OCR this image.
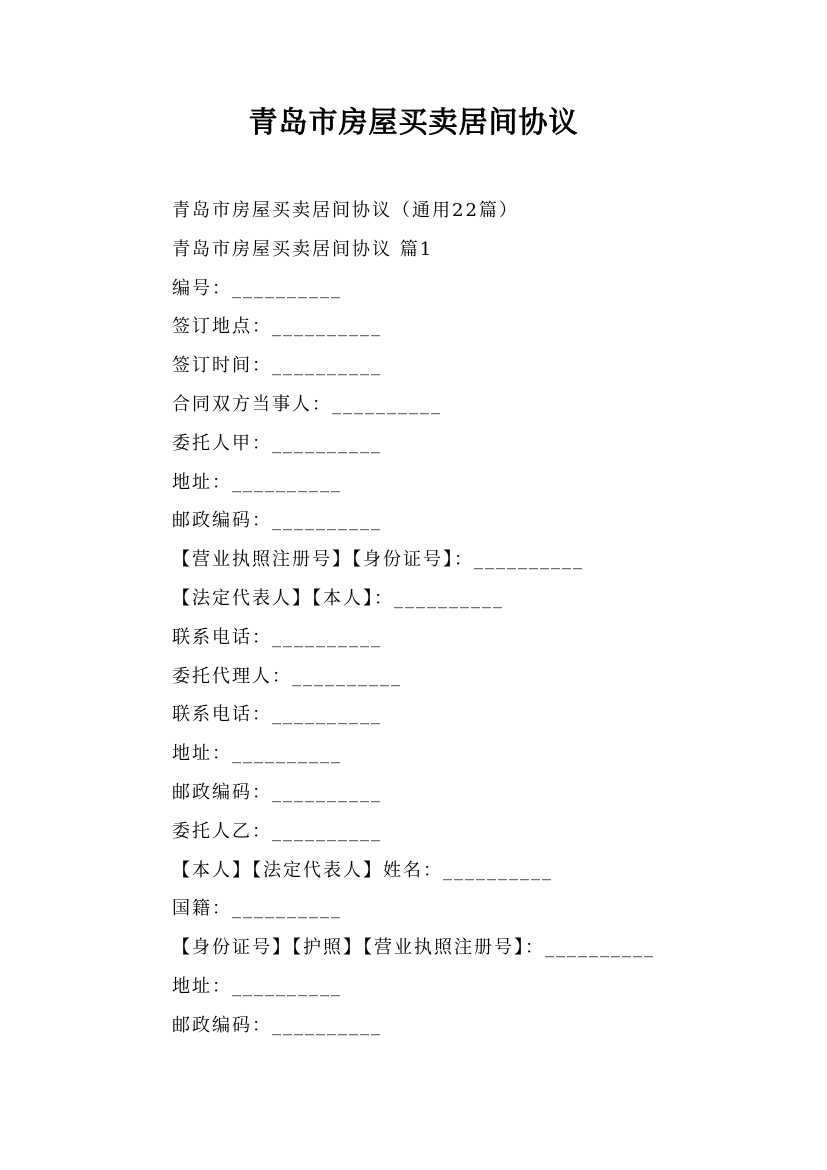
青岛市房屋买卖居间协议
青岛市房屋买卖居间协议（通用22篇）
青岛市房屋买卖居间协议 篇1
编号：__________
签订地点：__________
签订时间：__________
合同双方当事人：__________
委托人甲：__________
地址：__________
邮政编码：__________
【营业执照注册号】【身份证号】：__________
【法定代表人】【本人】：__________
联系电话：__________
委托代理人：__________
联系电话：__________
地址：__________
邮政编码：__________
委托人乙：__________
【本人】【法定代表人】姓名：__________
国籍：__________
【身份证号】【护照】【营业执照注册号】：__________
地址：__________
邮政编码：__________
